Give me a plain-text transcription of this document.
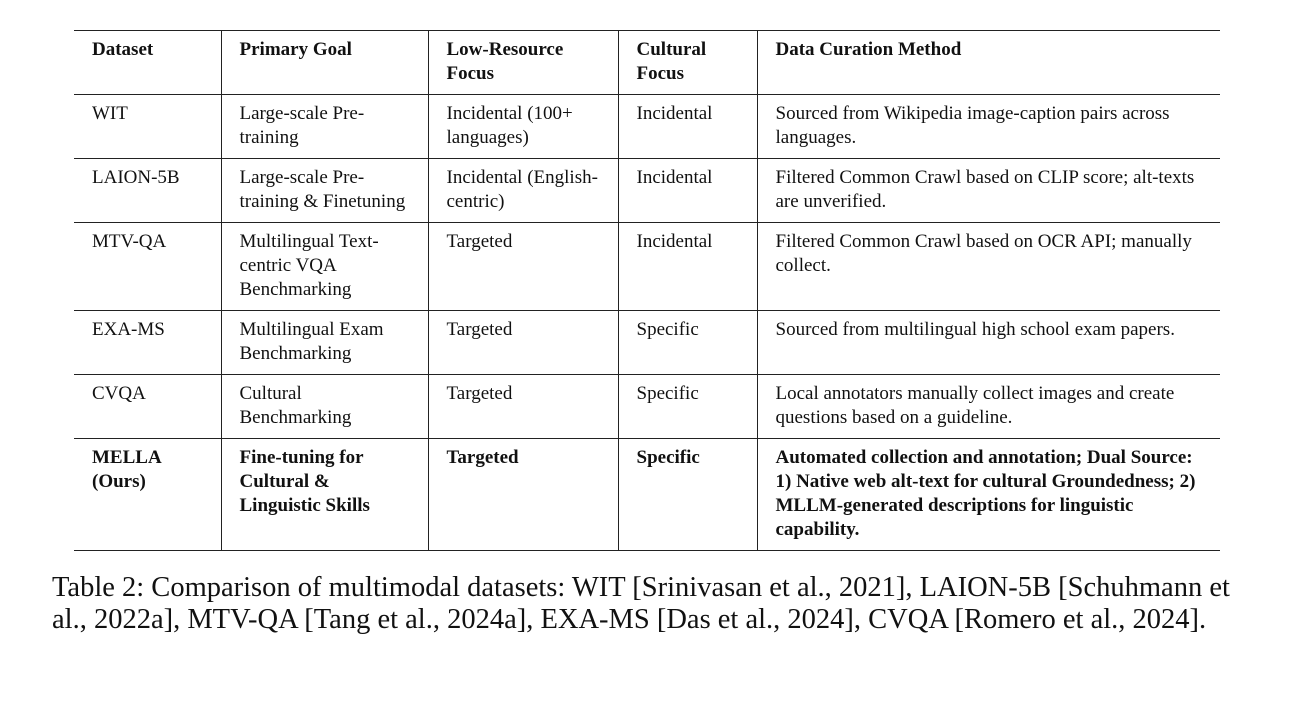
Dataset	Primary Goal	Low-Resource Focus	Cultural Focus	Data Curation Method
WIT	Large-scale Pre-training	Incidental (100+ languages)	Incidental	Sourced from Wikipedia image-caption pairs across languages.
LAION-5B	Large-scale Pre-training & Finetuning	Incidental (English-centric)	Incidental	Filtered Common Crawl based on CLIP score; alt-texts are unverified.
MTV-QA	Multilingual Text-centric VQA Benchmarking	Targeted	Incidental	Filtered Common Crawl based on OCR API; manually collect.
EXA-MS	Multilingual Exam Benchmarking	Targeted	Specific	Sourced from multilingual high school exam papers.
CVQA	Cultural Benchmarking	Targeted	Specific	Local annotators manually collect images and create questions based on a guideline.
MELLA (Ours)	Fine-tuning for Cultural & Linguistic Skills	Targeted	Specific	Automated collection and annotation; Dual Source: 1) Native web alt-text for cultural Groundedness; 2) MLLM-generated descriptions for linguistic capability.
Table 2: Comparison of multimodal datasets: WIT [Srinivasan et al., 2021], LAION-5B [Schuhmann et al., 2022a], MTV-QA [Tang et al., 2024a], EXA-MS [Das et al., 2024], CVQA [Romero et al., 2024].
